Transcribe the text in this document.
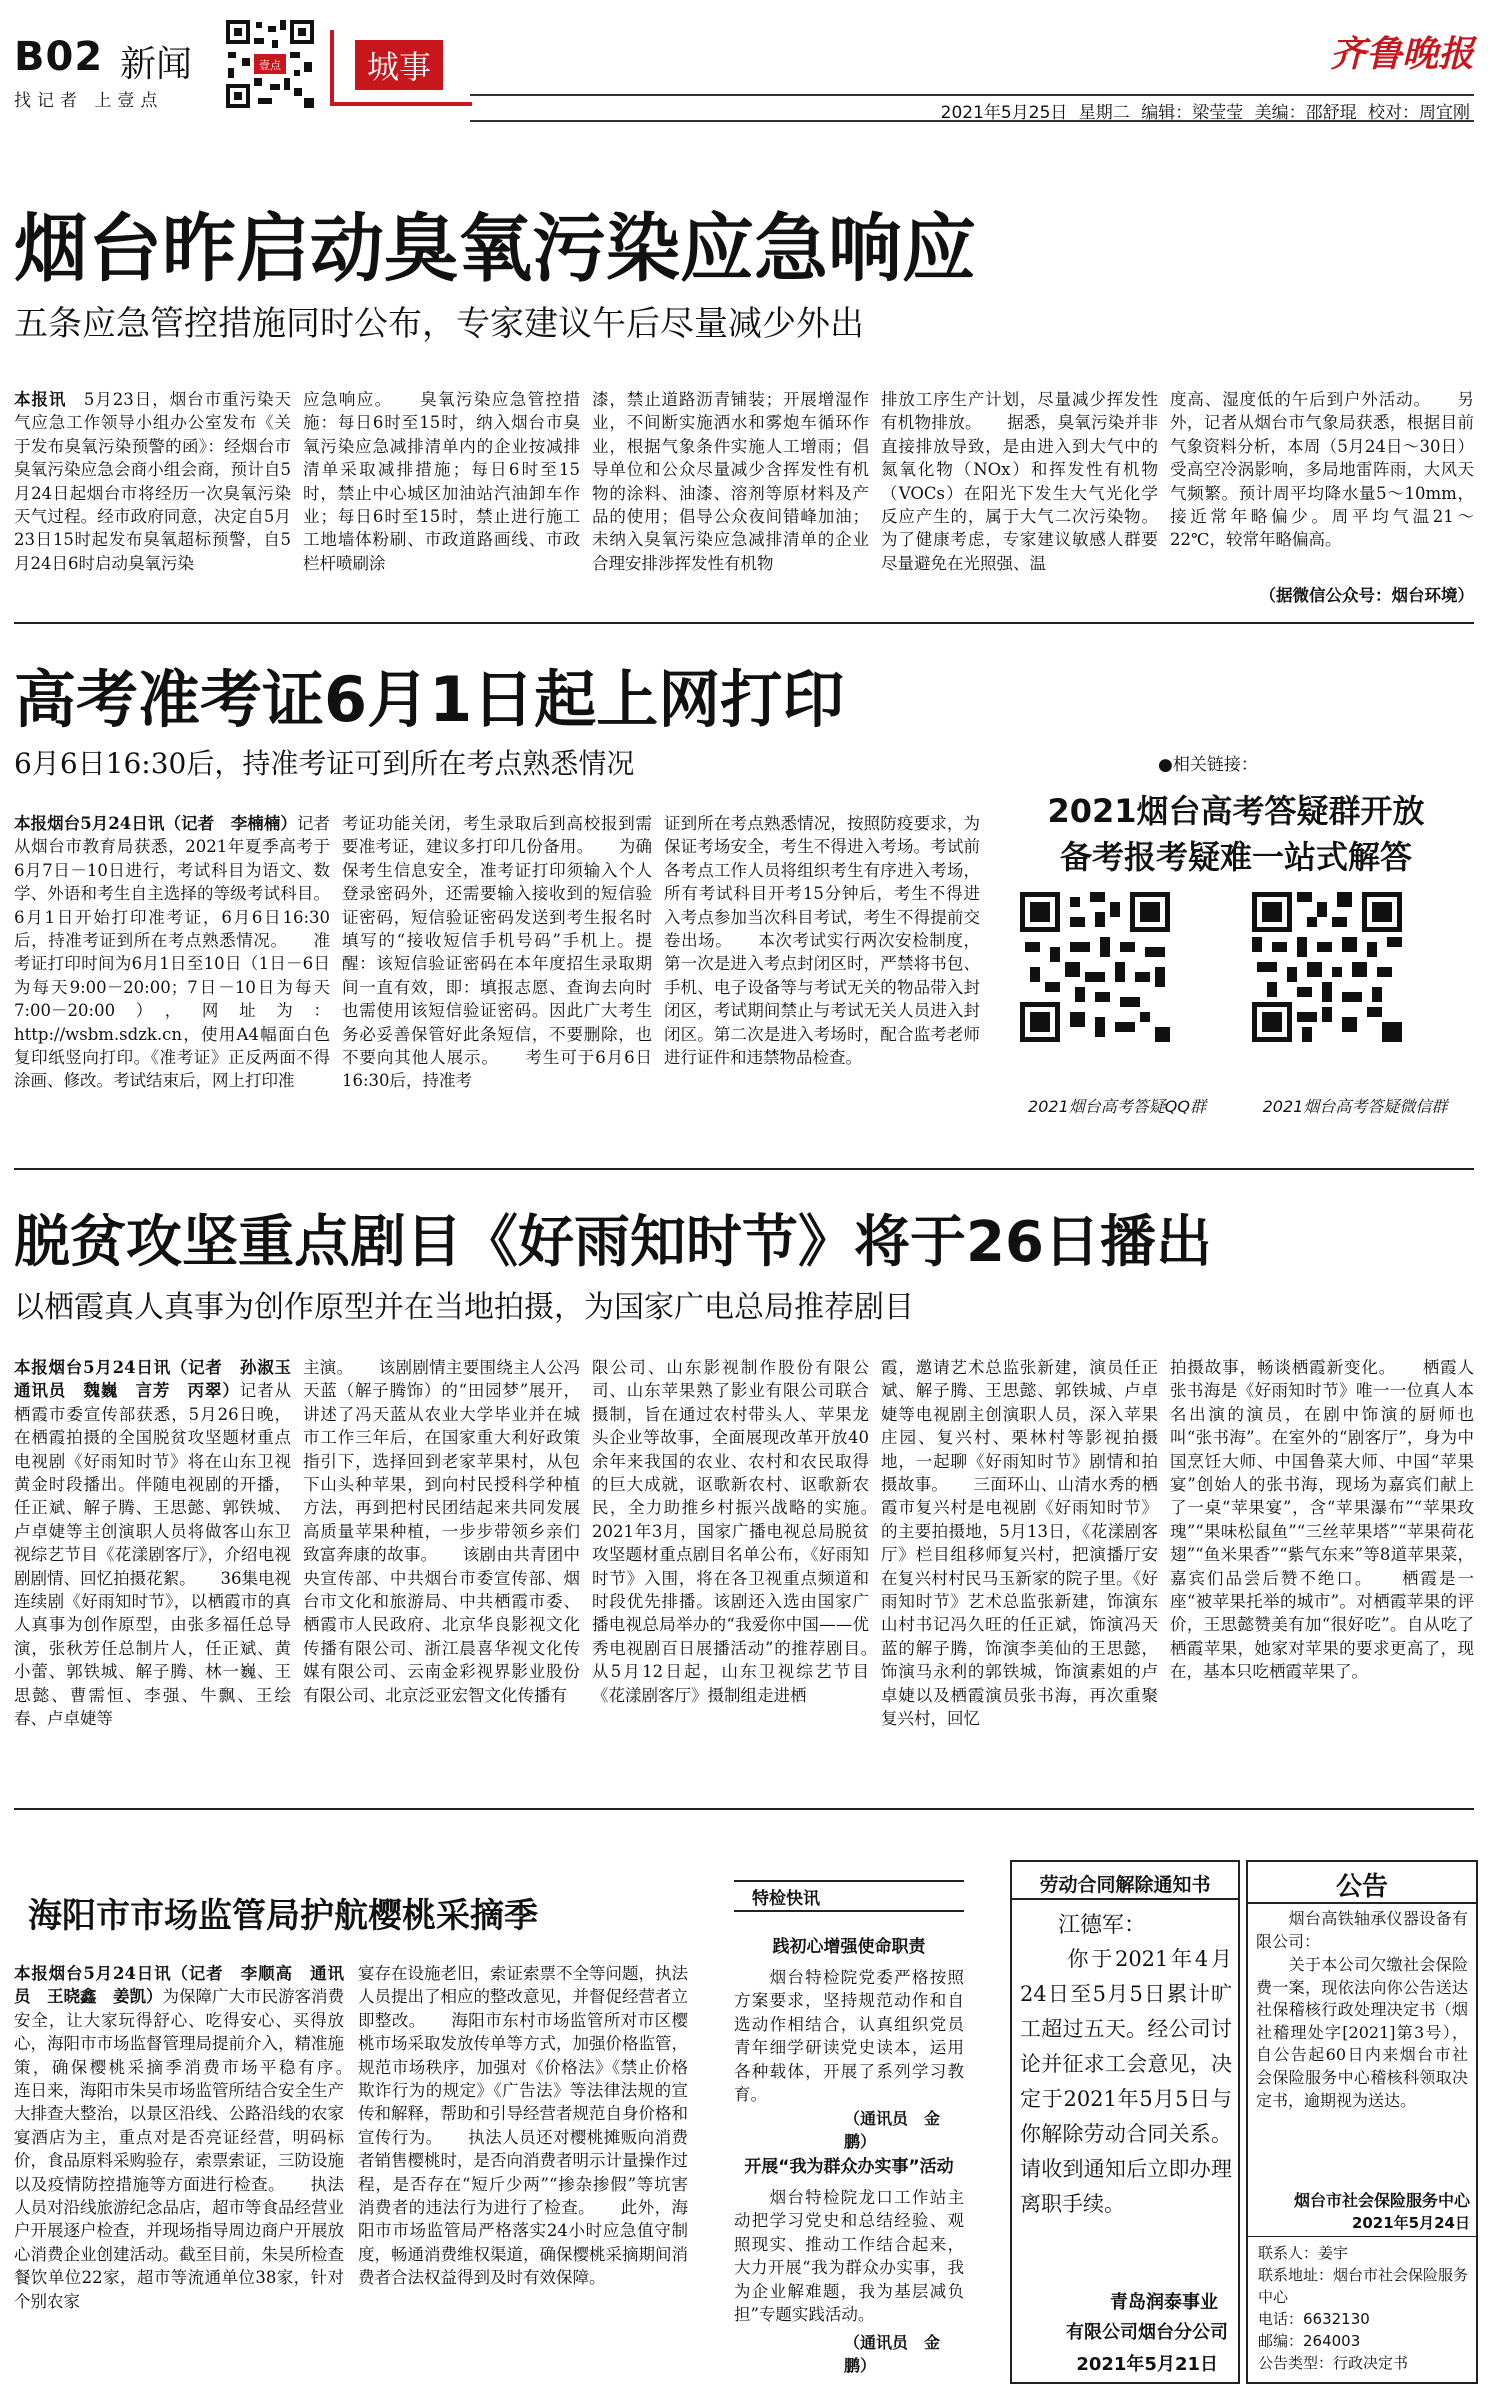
B02 新闻
找记者 上壹点
壹点	城事	齐鲁晚报
2021年5月25日 星期二 编辑：梁莹莹 美编：邵舒琨 校对：周宜刚
烟台昨启动臭氧污染应急响应
五条应急管控措施同时公布，专家建议午后尽量减少外出
本报讯　5月23日，烟台市重污染天气应急工作领导小组办公室发布《关于发布臭氧污染预警的函》：经烟台市臭氧污染应急会商小组会商，预计自5月24日起烟台市将经历一次臭氧污染天气过程。经市政府同意，决定自5月23日15时起发布臭氧超标预警，自5月24日6时启动臭氧污染
应急响应。　　臭氧污染应急管控措施：每日6时至15时，纳入烟台市臭氧污染应急减排清单内的企业按减排清单采取减排措施；每日6时至15时，禁止中心城区加油站汽油卸车作业；每日6时至15时，禁止进行施工工地墙体粉刷、市政道路画线、市政栏杆喷刷涂
漆，禁止道路沥青铺装；开展增湿作业，不间断实施洒水和雾炮车循环作业，根据气象条件实施人工增雨；倡导单位和公众尽量减少含挥发性有机物的涂料、油漆、溶剂等原材料及产品的使用；倡导公众夜间错峰加油；未纳入臭氧污染应急减排清单的企业合理安排涉挥发性有机物
排放工序生产计划，尽量减少挥发性有机物排放。　　据悉，臭氧污染并非直接排放导致，是由进入到大气中的氮氧化物（NOx）和挥发性有机物（VOCs）在阳光下发生大气光化学反应产生的，属于大气二次污染物。为了健康考虑，专家建议敏感人群要尽量避免在光照强、温
度高、湿度低的午后到户外活动。　　另外，记者从烟台市气象局获悉，根据目前气象资料分析，本周（5月24日～30日）受高空冷涡影响，多局地雷阵雨，大风天气频繁。预计周平均降水量5～10mm，接近常年略偏少。周平均气温21～22℃，较常年略偏高。
（据微信公众号：烟台环境）
高考准考证6月1日起上网打印
6月6日16:30后，持准考证可到所在考点熟悉情况
本报烟台5月24日讯（记者　李楠楠）记者从烟台市教育局获悉，2021年夏季高考于6月7日－10日进行，考试科目为语文、数学、外语和考生自主选择的等级考试科目。6月1日开始打印准考证，6月6日16:30后，持准考证到所在考点熟悉情况。　　准考证打印时间为6月1日至10日（1日－6日为每天9:00－20:00；7日－10日为每天7:00－20:00），网址为：http://wsbm.sdzk.cn，使用A4幅面白色复印纸竖向打印。《准考证》正反两面不得涂画、修改。考试结束后，网上打印准
考证功能关闭，考生录取后到高校报到需要准考证，建议多打印几份备用。　　为确保考生信息安全，准考证打印须输入个人登录密码外，还需要输入接收到的短信验证密码，短信验证密码发送到考生报名时填写的“接收短信手机号码”手机上。提醒：该短信验证密码在本年度招生录取期间一直有效，即：填报志愿、查询去向时也需使用该短信验证密码。因此广大考生务必妥善保管好此条短信，不要删除，也不要向其他人展示。　　考生可于6月6日16:30后，持准考
证到所在考点熟悉情况，按照防疫要求，为保证考场安全，考生不得进入考场。考试前各考点工作人员将组织考生有序进入考场，所有考试科目开考15分钟后，考生不得进入考点参加当次科目考试，考生不得提前交卷出场。　　本次考试实行两次安检制度，第一次是进入考点封闭区时，严禁将书包、手机、电子设备等与考试无关的物品带入封闭区，考试期间禁止与考试无关人员进入封闭区。第二次是进入考场时，配合监考老师进行证件和违禁物品检查。
●相关链接：
2021烟台高考答疑群开放
备考报考疑难一站式解答
2021烟台高考答疑QQ群	2021烟台高考答疑微信群
脱贫攻坚重点剧目《好雨知时节》将于26日播出
以栖霞真人真事为创作原型并在当地拍摄，为国家广电总局推荐剧目
本报烟台5月24日讯（记者　孙淑玉　通讯员　魏巍　言芳　丙翠）记者从栖霞市委宣传部获悉，5月26日晚，在栖霞拍摄的全国脱贫攻坚题材重点电视剧《好雨知时节》将在山东卫视黄金时段播出。伴随电视剧的开播，任正斌、解子腾、王思懿、郭铁城、卢卓婕等主创演职人员将做客山东卫视综艺节目《花漾剧客厅》，介绍电视剧剧情、回忆拍摄花絮。　　36集电视连续剧《好雨知时节》，以栖霞市的真人真事为创作原型，由张多福任总导演，张秋芳任总制片人，任正斌、黄小蕾、郭铁城、解子腾、林一巍、王思懿、曹需恒、李强、牛飘、王绘春、卢卓婕等
主演。　　该剧剧情主要围绕主人公冯天蓝（解子腾饰）的“田园梦”展开，讲述了冯天蓝从农业大学毕业并在城市工作三年后，在国家重大利好政策指引下，选择回到老家苹果村，从包下山头种苹果，到向村民授科学种植方法，再到把村民团结起来共同发展高质量苹果种植，一步步带领乡亲们致富奔康的故事。　　该剧由共青团中央宣传部、中共烟台市委宣传部、烟台市文化和旅游局、中共栖霞市委、栖霞市人民政府、北京华良影视文化传播有限公司、浙江晨喜华视文化传媒有限公司、云南金彩视界影业股份有限公司、北京泛亚宏智文化传播有
限公司、山东影视制作股份有限公司、山东苹果熟了影业有限公司联合摄制，旨在通过农村带头人、苹果龙头企业等故事，全面展现改革开放40余年来我国的农业、农村和农民取得的巨大成就，讴歌新农村、讴歌新农民，全力助推乡村振兴战略的实施。　　2021年3月，国家广播电视总局脱贫攻坚题材重点剧目名单公布，《好雨知时节》入围，将在各卫视重点频道和时段优先排播。该剧还入选由国家广播电视总局举办的“我爱你中国——优秀电视剧百日展播活动”的推荐剧目。　　从5月12日起，山东卫视综艺节目《花漾剧客厅》摄制组走进栖
霞，邀请艺术总监张新建，演员任正斌、解子腾、王思懿、郭铁城、卢卓婕等电视剧主创演职人员，深入苹果庄园、复兴村、栗林村等影视拍摄地，一起聊《好雨知时节》剧情和拍摄故事。　　三面环山、山清水秀的栖霞市复兴村是电视剧《好雨知时节》的主要拍摄地，5月13日，《花漾剧客厅》栏目组移师复兴村，把演播厅安在复兴村村民马玉新家的院子里。《好雨知时节》艺术总监张新建，饰演东山村书记冯久旺的任正斌，饰演冯天蓝的解子腾，饰演李美仙的王思懿，饰演马永利的郭铁城，饰演素姐的卢卓婕以及栖霞演员张书海，再次重聚复兴村，回忆
拍摄故事，畅谈栖霞新变化。　　栖霞人张书海是《好雨知时节》唯一一位真人本名出演的演员，在剧中饰演的厨师也叫“张书海”。在室外的“剧客厅”，身为中国烹饪大师、中国鲁菜大师、中国“苹果宴”创始人的张书海，现场为嘉宾们献上了一桌“苹果宴”，含“苹果瀑布”“苹果玫瑰”“果味松鼠鱼”“三丝苹果塔”“苹果荷花翅”“鱼米果香”“紫气东来”等8道苹果菜，嘉宾们品尝后赞不绝口。　　栖霞是一座“被苹果托举的城市”。对栖霞苹果的评价，王思懿赞美有加“很好吃”。自从吃了栖霞苹果，她家对苹果的要求更高了，现在，基本只吃栖霞苹果了。
海阳市市场监管局护航樱桃采摘季
本报烟台5月24日讯（记者　李顺高　通讯员　王晓鑫　姜凯）为保障广大市民游客消费安全，让大家玩得舒心、吃得安心、买得放心，海阳市市场监督管理局提前介入，精准施策，确保樱桃采摘季消费市场平稳有序。　　连日来，海阳市朱吴市场监管所结合安全生产大排查大整治，以景区沿线、公路沿线的农家宴酒店为主，重点对是否亮证经营，明码标价，食品原料采购验存，索票索证，三防设施以及疫情防控措施等方面进行检查。　　执法人员对沿线旅游纪念品店，超市等食品经营业户开展逐户检查，并现场指导周边商户开展放心消费企业创建活动。截至目前，朱吴所检查餐饮单位22家，超市等流通单位38家，针对个别农家
宴存在设施老旧，索证索票不全等问题，执法人员提出了相应的整改意见，并督促经营者立即整改。　　海阳市东村市场监管所对市区樱桃市场采取发放传单等方式，加强价格监管，规范市场秩序，加强对《价格法》《禁止价格欺诈行为的规定》《广告法》等法律法规的宣传和解释，帮助和引导经营者规范自身价格和宣传行为。　　执法人员还对樱桃摊贩向消费者销售樱桃时，是否向消费者明示计量操作过程，是否存在“短斤少两”“掺杂掺假”等坑害消费者的违法行为进行了检查。　　此外，海阳市市场监管局严格落实24小时应急值守制度，畅通消费维权渠道，确保樱桃采摘期间消费者合法权益得到及时有效保障。
特检快讯
践初心增强使命职责
　　烟台特检院党委严格按照方案要求，坚持规范动作和自选动作相结合，认真组织党员青年细学研读党史读本，运用各种载体，开展了系列学习教育。
（通讯员　金鹏）
开展“我为群众办实事”活动
　　烟台特检院龙口工作站主动把学习党史和总结经验、观照现实、推动工作结合起来，大力开展“我为群众办实事，我为企业解难题，我为基层减负担”专题实践活动。
（通讯员　金鹏）
劳动合同解除通知书
江德军：
　　你于2021年4月24日至5月5日累计旷工超过五天。经公司讨论并征求工会意见，决定于2021年5月5日与你解除劳动合同关系。请收到通知后立即办理离职手续。
青岛润泰事业
有限公司烟台分公司
2021年5月21日
公告
　　烟台高铁轴承仪器设备有限公司：
　　关于本公司欠缴社会保险费一案，现依法向你公告送达社保稽核行政处理决定书（烟社稽理处字[2021]第3号），自公告起60日内来烟台市社会保险服务中心稽核科领取决定书，逾期视为送达。
烟台市社会保险服务中心
2021年5月24日
联系人：姜宇
联系地址：烟台市社会保险服务中心
电话：6632130
邮编：264003
公告类型：行政决定书
